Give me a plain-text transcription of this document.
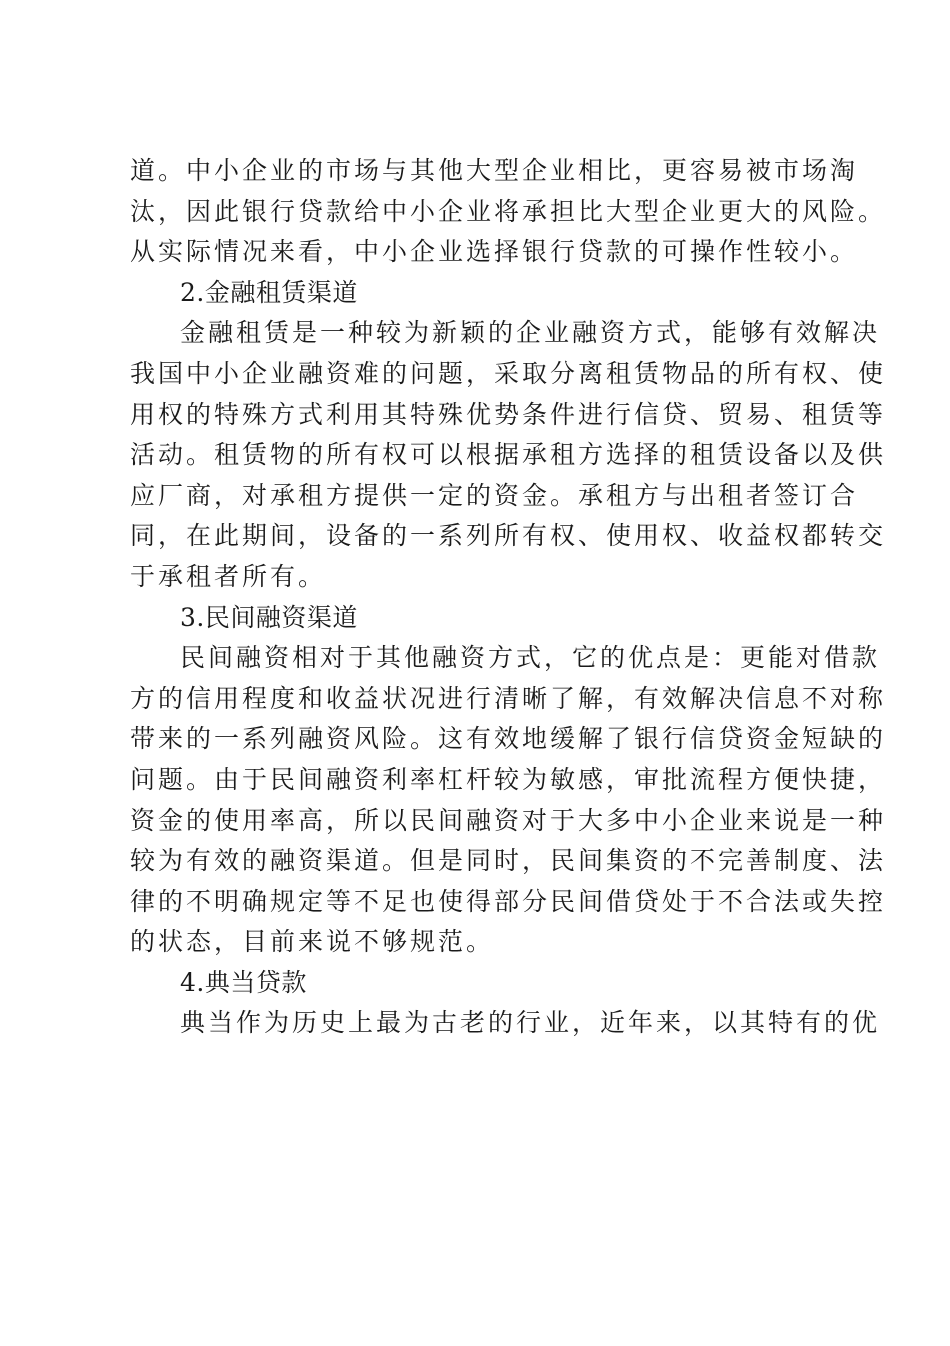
道。中小企业的市场与其他大型企业相比，更容易被市场淘
汰，因此银行贷款给中小企业将承担比大型企业更大的风险。
从实际情况来看，中小企业选择银行贷款的可操作性较小。
2.金融租赁渠道
金融租赁是一种较为新颖的企业融资方式，能够有效解决
我国中小企业融资难的问题，采取分离租赁物品的所有权、使
用权的特殊方式利用其特殊优势条件进行信贷、贸易、租赁等
活动。租赁物的所有权可以根据承租方选择的租赁设备以及供
应厂商，对承租方提供一定的资金。承租方与出租者签订合
同，在此期间，设备的一系列所有权、使用权、收益权都转交
于承租者所有。
3.民间融资渠道
民间融资相对于其他融资方式，它的优点是：更能对借款
方的信用程度和收益状况进行清晰了解，有效解决信息不对称
带来的一系列融资风险。这有效地缓解了银行信贷资金短缺的
问题。由于民间融资利率杠杆较为敏感，审批流程方便快捷，
资金的使用率高，所以民间融资对于大多中小企业来说是一种
较为有效的融资渠道。但是同时，民间集资的不完善制度、法
律的不明确规定等不足也使得部分民间借贷处于不合法或失控
的状态，目前来说不够规范。
4.典当贷款
典当作为历史上最为古老的行业，近年来，以其特有的优
